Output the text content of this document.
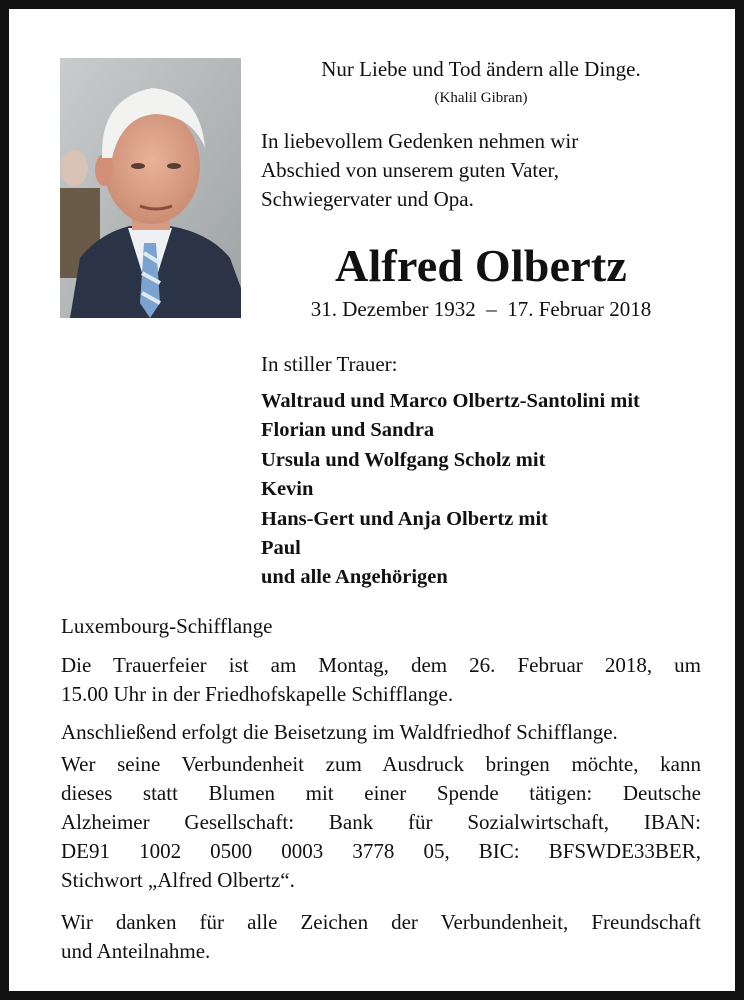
Nur Liebe und Tod ändern alle Dinge.
(Khalil Gibran)
In liebevollem Gedenken nehmen wir
Abschied von unserem guten Vater,
Schwiegervater und Opa.
Alfred Olbertz
31. Dezember 1932  –  17. Februar 2018
In stiller Trauer:
Waltraud und Marco Olbertz-Santolini mit
Florian und Sandra
Ursula und Wolfgang Scholz mit
Kevin
Hans-Gert und Anja Olbertz mit
Paul
und alle Angehörigen
Luxembourg-Schifflange
Die Trauerfeier ist am Montag, dem 26. Februar 2018, um
15.00 Uhr in der Friedhofskapelle Schifflange.
Anschließend erfolgt die Beisetzung im Waldfriedhof Schifflange.
Wer seine Verbundenheit zum Ausdruck bringen möchte, kann
dieses statt Blumen mit einer Spende tätigen: Deutsche
Alzheimer Gesellschaft: Bank für Sozialwirtschaft, IBAN:
DE91 1002 0500 0003 3778 05, BIC: BFSWDE33BER,
Stichwort „Alfred Olbertz“.
Wir danken für alle Zeichen der Verbundenheit, Freundschaft
und Anteilnahme.
